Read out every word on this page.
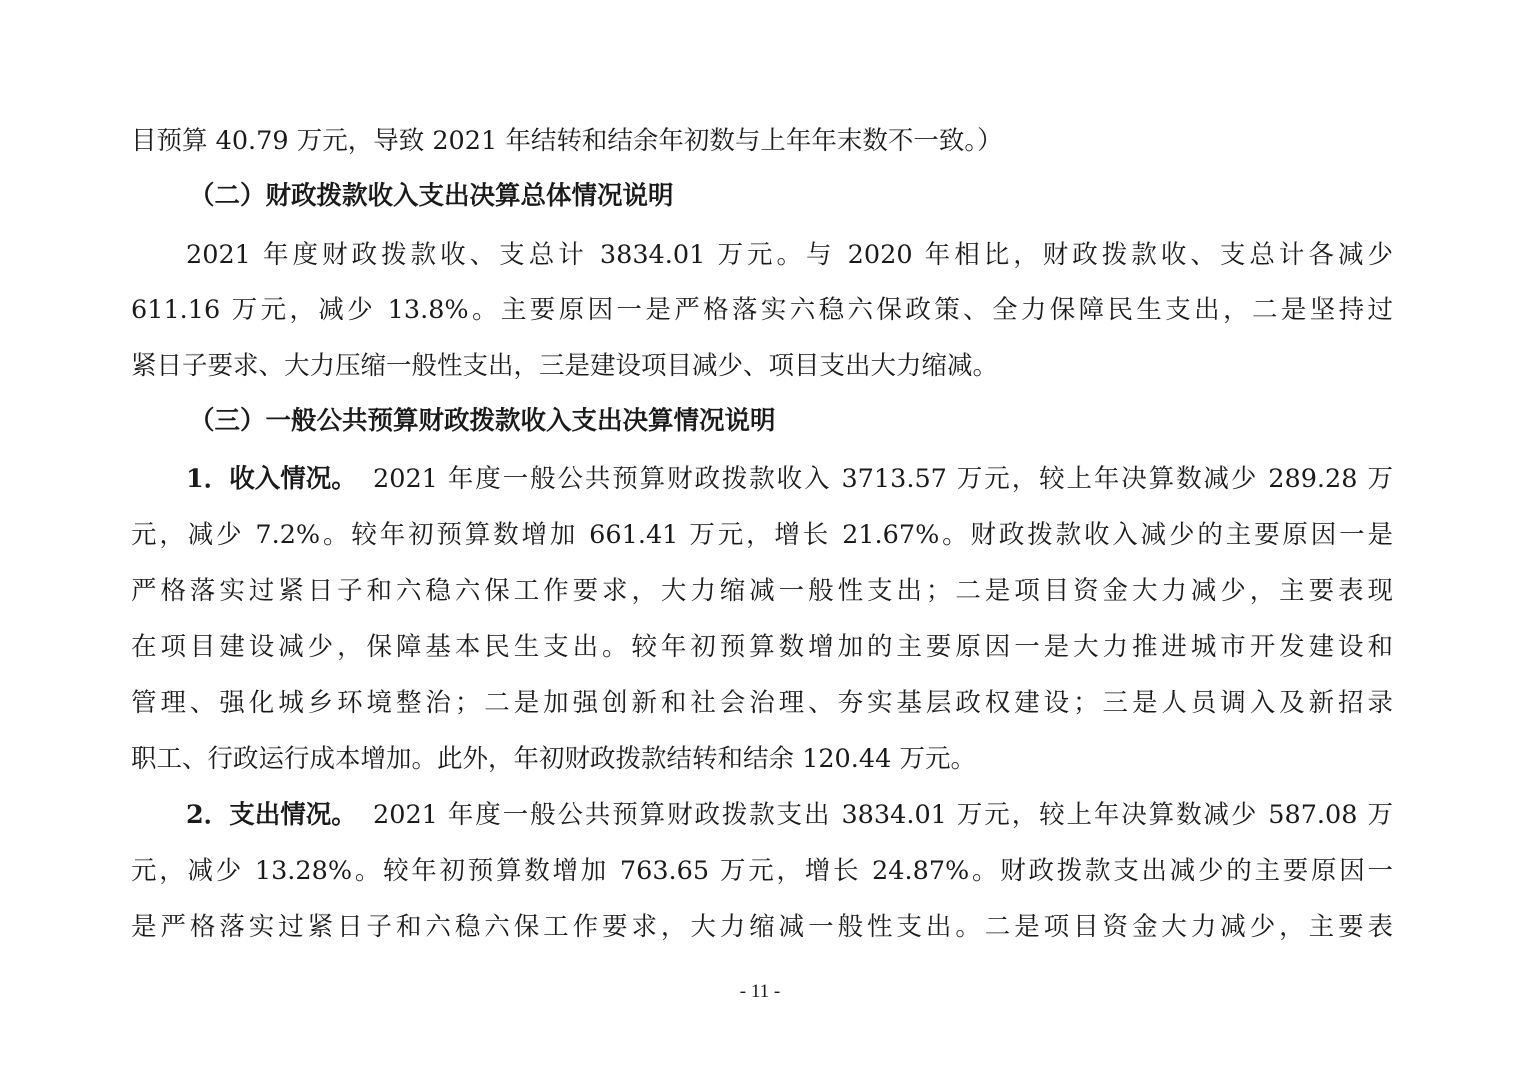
目预算 40.79 万元，导致 2021 年结转和结余年初数与上年年末数不一致。）
（二）财政拨款收入支出决算总体情况说明
2021 年度财政拨款收、支总计 3834.01 万元。与 2020 年相比，财政拨款收、支总计各减少
611.16 万元，减少 13.8%。主要原因一是严格落实六稳六保政策、全力保障民生支出，二是坚持过
紧日子要求、大力压缩一般性支出，三是建设项目减少、项目支出大力缩减。
（三）一般公共预算财政拨款收入支出决算情况说明
1．收入情况。 2021 年度一般公共预算财政拨款收入 3713.57 万元，较上年决算数减少 289.28 万
元，减少 7.2%。较年初预算数增加 661.41 万元，增长 21.67%。财政拨款收入减少的主要原因一是
严格落实过紧日子和六稳六保工作要求，大力缩减一般性支出；二是项目资金大力减少，主要表现
在项目建设减少，保障基本民生支出。较年初预算数增加的主要原因一是大力推进城市开发建设和
管理、强化城乡环境整治；二是加强创新和社会治理、夯实基层政权建设；三是人员调入及新招录
职工、行政运行成本增加。此外，年初财政拨款结转和结余 120.44 万元。
2．支出情况。 2021 年度一般公共预算财政拨款支出 3834.01 万元，较上年决算数减少 587.08 万
元，减少 13.28%。较年初预算数增加 763.65 万元，增长 24.87%。财政拨款支出减少的主要原因一
是严格落实过紧日子和六稳六保工作要求，大力缩减一般性支出。二是项目资金大力减少，主要表
- 11 -
